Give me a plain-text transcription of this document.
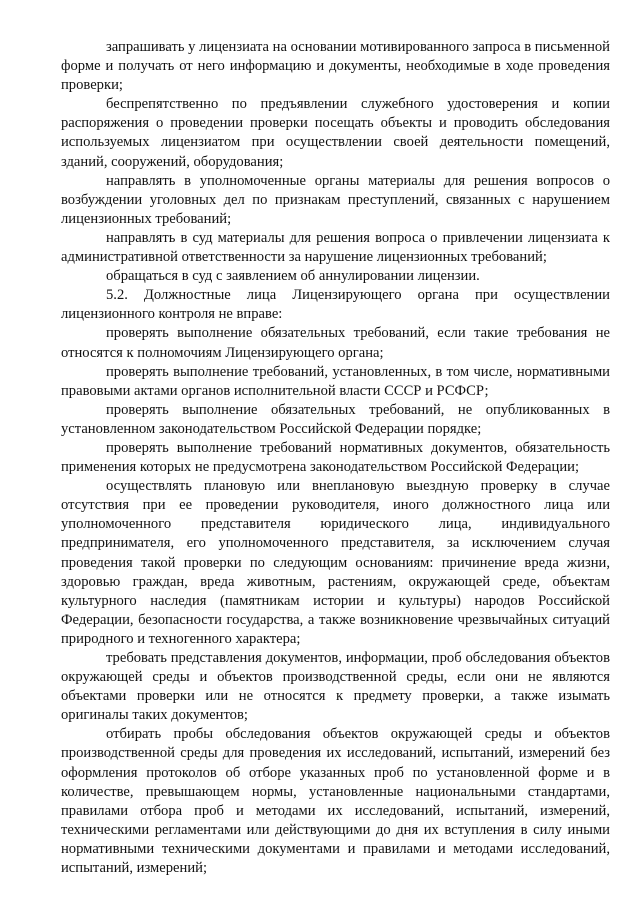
запрашивать у лицензиата на основании мотивированного запроса в письменной форме и получать от него информацию и документы, необходимые в ходе проведения проверки;

беспрепятственно по предъявлении служебного удостоверения и копии распоряжения о проведении проверки посещать объекты и проводить обследования используемых лицензиатом при осуществлении своей деятельности помещений, зданий, сооружений, оборудования;

направлять в уполномоченные органы материалы для решения вопросов о возбуждении уголовных дел по признакам преступлений, связанных с нарушением лицензионных требований;

направлять в суд материалы для решения вопроса о привлечении лицензиата к административной ответственности за нарушение лицензионных требований;

обращаться в суд с заявлением об аннулировании лицензии.

5.2. Должностные лица Лицензирующего органа при осуществлении лицензионного контроля не вправе:

проверять выполнение обязательных требований, если такие требования не относятся к полномочиям Лицензирующего органа;

проверять выполнение требований, установленных, в том числе, нормативными правовыми актами органов исполнительной власти СССР и РСФСР;

проверять выполнение обязательных требований, не опубликованных в установленном законодательством Российской Федерации порядке;

проверять выполнение требований нормативных документов, обязательность применения которых не предусмотрена законодательством Российской Федерации;

осуществлять плановую или внеплановую выездную проверку в случае отсутствия при ее проведении руководителя, иного должностного лица или уполномоченного представителя юридического лица, индивидуального предпринимателя, его уполномоченного представителя, за исключением случая проведения такой проверки по следующим основаниям: причинение вреда жизни, здоровью граждан, вреда животным, растениям, окружающей среде, объектам культурного наследия (памятникам истории и культуры) народов Российской Федерации, безопасности государства, а также возникновение чрезвычайных ситуаций природного и техногенного характера;

требовать представления документов, информации, проб обследования объектов окружающей среды и объектов производственной среды, если они не являются объектами проверки или не относятся к предмету проверки, а также изымать оригиналы таких документов;

отбирать пробы обследования объектов окружающей среды и объектов производственной среды для проведения их исследований, испытаний, измерений без оформления протоколов об отборе указанных проб по установленной форме и в количестве, превышающем нормы, установленные национальными стандартами, правилами отбора проб и методами их исследований, испытаний, измерений, техническими регламентами или действующими до дня их вступления в силу иными нормативными техническими документами и правилами и методами исследований, испытаний, измерений;
